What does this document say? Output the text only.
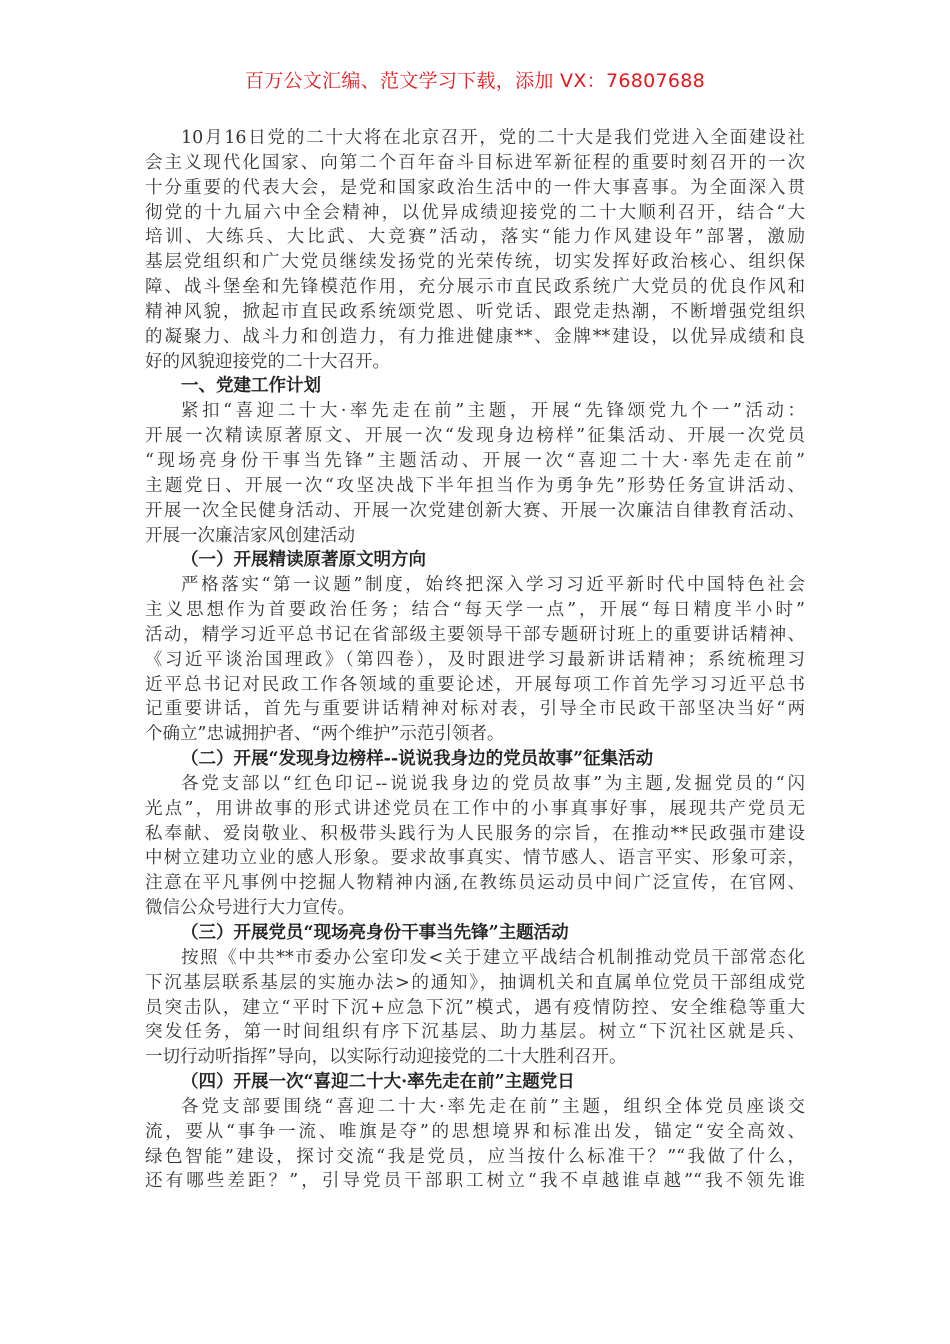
百万公文汇编、范文学习下载，添加 VX：76807688
10月16日党的二十大将在北京召开，党的二十大是我们党进入全面建设社
会主义现代化国家、向第二个百年奋斗目标进军新征程的重要时刻召开的一次
十分重要的代表大会，是党和国家政治生活中的一件大事喜事。为全面深入贯
彻党的十九届六中全会精神，以优异成绩迎接党的二十大顺利召开，结合“大
培训、大练兵、大比武、大竞赛”活动，落实“能力作风建设年”部署，激励
基层党组织和广大党员继续发扬党的光荣传统，切实发挥好政治核心、组织保
障、战斗堡垒和先锋模范作用，充分展示市直民政系统广大党员的优良作风和
精神风貌，掀起市直民政系统颂党恩、听党话、跟党走热潮，不断增强党组织
的凝聚力、战斗力和创造力，有力推进健康**、金牌**建设，以优异成绩和良
好的风貌迎接党的二十大召开。
一、党建工作计划
紧扣“喜迎二十大·率先走在前”主题，开展“先锋颂党九个一”活动：
开展一次精读原著原文、开展一次“发现身边榜样”征集活动、开展一次党员
“现场亮身份干事当先锋”主题活动、开展一次“喜迎二十大·率先走在前”
主题党日、开展一次“攻坚决战下半年担当作为勇争先”形势任务宣讲活动、
开展一次全民健身活动、开展一次党建创新大赛、开展一次廉洁自律教育活动、
开展一次廉洁家风创建活动
（一）开展精读原著原文明方向
严格落实“第一议题”制度，始终把深入学习习近平新时代中国特色社会
主义思想作为首要政治任务；结合“每天学一点”，开展“每日精度半小时”
活动，精学习近平总书记在省部级主要领导干部专题研讨班上的重要讲话精神、
《习近平谈治国理政》（第四卷），及时跟进学习最新讲话精神；系统梳理习
近平总书记对民政工作各领域的重要论述，开展每项工作首先学习习近平总书
记重要讲话，首先与重要讲话精神对标对表，引导全市民政干部坚决当好“两
个确立”忠诚拥护者、“两个维护”示范引领者。
（二）开展“发现身边榜样--说说我身边的党员故事”征集活动
各党支部以“红色印记--说说我身边的党员故事”为主题,发掘党员的“闪
光点”，用讲故事的形式讲述党员在工作中的小事真事好事，展现共产党员无
私奉献、爱岗敬业、积极带头践行为人民服务的宗旨，在推动**民政强市建设
中树立建功立业的感人形象。要求故事真实、情节感人、语言平实、形象可亲，
注意在平凡事例中挖掘人物精神内涵,在教练员运动员中间广泛宣传，在官网、
微信公众号进行大力宣传。
（三）开展党员“现场亮身份干事当先锋”主题活动
按照《中共**市委办公室印发<关于建立平战结合机制推动党员干部常态化
下沉基层联系基层的实施办法>的通知》，抽调机关和直属单位党员干部组成党
员突击队，建立“平时下沉+应急下沉”模式，遇有疫情防控、安全维稳等重大
突发任务，第一时间组织有序下沉基层、助力基层。树立“下沉社区就是兵、
一切行动听指挥”导向，以实际行动迎接党的二十大胜利召开。
（四）开展一次“喜迎二十大·率先走在前”主题党日
各党支部要围绕“喜迎二十大·率先走在前”主题，组织全体党员座谈交
流，要从“事争一流、唯旗是夺”的思想境界和标准出发，锚定“安全高效、
绿色智能”建设，探讨交流“我是党员，应当按什么标准干？”“我做了什么，
还有哪些差距？”，引导党员干部职工树立“我不卓越谁卓越”“我不领先谁
